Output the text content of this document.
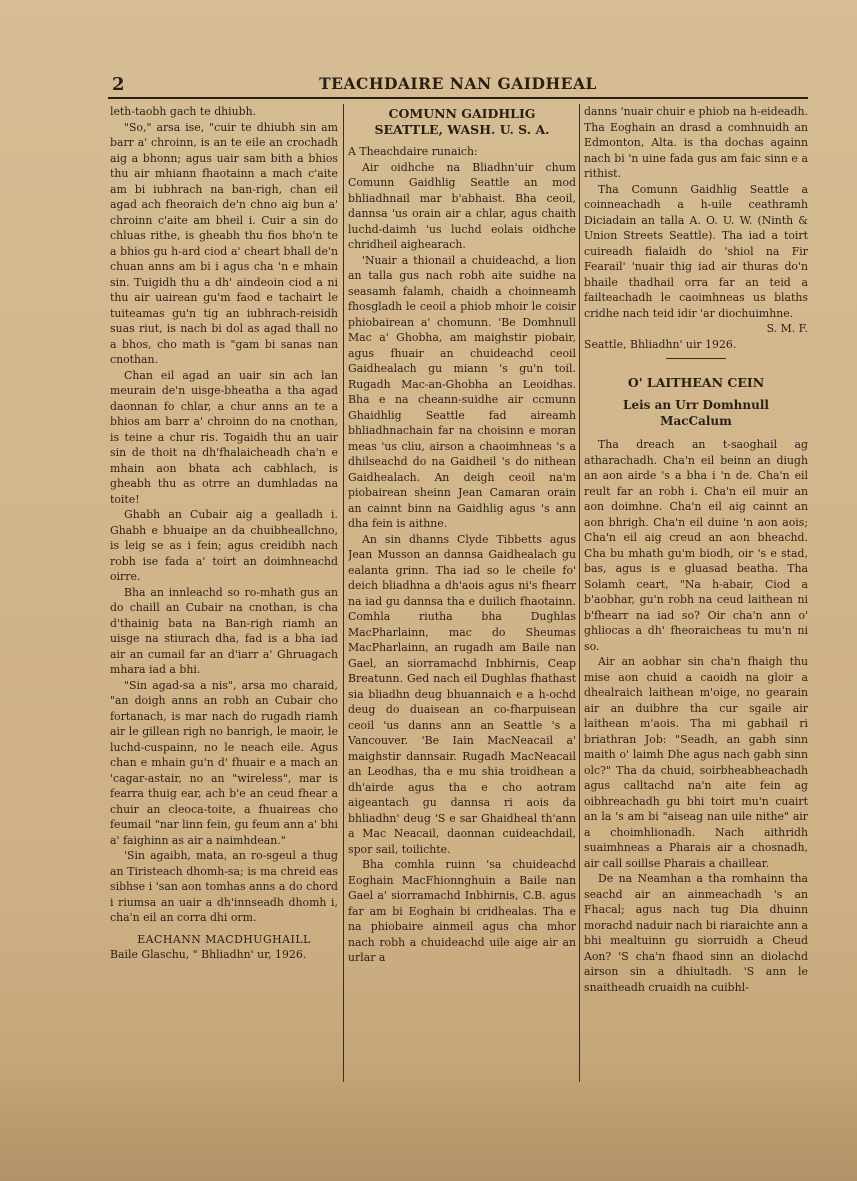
2	TEACHDAIRE NAN GAIDHEAL

leth-taobh gach te dhiubh.

"So," arsa ise, "cuir te dhiubh sin am barr a' chroinn, is an te eile an crochadh aig a bhonn; agus uair sam bith a bhios thu air mhiann fhaotainn a mach c'aite am bi iubhrach na ban-righ, chan eil agad ach fheoraich de'n chno aig bun a' chroinn c'aite am bheil i. Cuir a sin do chluas rithe, is gheabh thu fios bho'n te a bhios gu h-ard ciod a' cheart bhall de'n chuan anns am bi i agus cha 'n e mhain sin. Tuigidh thu a dh' aindeoin ciod a ni thu air uairean gu'm faod e tachairt le tuiteamas gu'n tig an iubhrach-reisidh suas riut, is nach bi dol as agad thall no a bhos, cho math is "gam bi sanas nan cnothan.

Chan eil agad an uair sin ach lan meurain de'n uisge-bheatha a tha agad daonnan fo chlar, a chur anns an te a bhios am barr a' chroinn do na cnothan, is teine a chur ris. Togaidh thu an uair sin de thoit na dh'fhalaicheadh cha'n e mhain aon bhata ach cabhlach, is gheabh thu as otrre an dumhladas na toite!

Ghabh an Cubair aig a gealladh i. Ghabh e bhuaipe an da chuibheallchno, is leig se as i fein; agus creidibh nach robh ise fada a' toirt an doimhneachd oirre.

Bha an innleachd so ro-mhath gus an do chaill an Cubair na cnothan, is cha d'thainig bata na Ban-righ riamh an uisge na stiurach dha, fad is a bha iad air an cumail far an d'iarr a' Ghruagach mhara iad a bhi.

"Sin agad-sa a nis", arsa mo charaid, "an doigh anns an robh an Cubair cho fortanach, is mar nach do rugadh riamh air le gillean righ no banrigh, le maoir, le luchd-cuspainn, no le neach eile. Agus chan e mhain gu'n d' fhuair e a mach an 'cagar-astair, no an "wireless", mar is fearra thuig ear, ach b'e an ceud fhear a chuir an cleoca-toite, a fhuaireas cho feumail "nar linn fein, gu feum ann a' bhi a' faighinn as air a naimhdean."

'Sin agaibh, mata, an ro-sgeul a thug an Tiristeach dhomh-sa; is ma chreid eas sibhse i 'san aon tomhas anns a do chord i riumsa an uair a dh'innseadh dhomh i, cha'n eil an corra dhi orm.

EACHANN MACDHUGHAILL
Baile Glaschu, " Bhliadhn' ur, 1926.

COMUNN GAIDHLIG
SEATTLE, WASH. U. S. A.

A Theachdaire runaich:

Air oidhche na Bliadhn'uir chum Comunn Gaidhlig Seattle an mod bhliadhnail mar b'abhaist. Bha ceoil, dannsa 'us orain air a chlar, agus chaith luchd-daimh 'us luchd eolais oidhche chridheil aighearach.

'Nuair a thionail a chuideachd, a lion an talla gus nach robh aite suidhe na seasamh falamh, chaidh a choinneamh fhosgladh le ceoil a phiob mhoir le coisir phiobairean a' chomunn. 'Be Domhnull Mac a' Ghobha, am maighstir piobair, agus fhuair an chuideachd ceoil Gaidhealach gu miann 's gu'n toil. Rugadh Mac-an-Ghobha an Leoidhas. Bha e na cheann-suidhe air ccmunn Ghaidhlig Seattle fad aireamh bhliadhnachain far na choisinn e moran meas 'us cliu, airson a chaoimhneas 's a dhilseachd do na Gaidheil 's do nithean Gaidhealach. An deigh ceoil na'm piobairean sheinn Jean Camaran orain an cainnt binn na Gaidhlig agus 's ann dha fein is aithne.

An sin dhanns Clyde Tibbetts agus Jean Musson an dannsa Gaidhealach gu ealanta grinn. Tha iad so le cheile fo' deich bliadhna a dh'aois agus ni's fhearr na iad gu dannsa tha e duilich fhaotainn. Comhla riutha bha Dughlas MacPharlainn, mac do Sheumas MacPharlainn, an rugadh am Baile nan Gael, an siorramachd Inbhirnis, Ceap Breatunn. Ged nach eil Dughlas fhathast sia bliadhn deug bhuannaich e a h-ochd deug do duaisean an co-fharpuisean ceoil 'us danns ann an Seattle 's a Vancouver. 'Be Iain MacNeacail a' maighstir dannsair. Rugadh MacNeacail an Leodhas, tha e mu shia troidhean a dh'airde agus tha e cho aotram aigeantach gu dannsa ri aois da bhliadhn' deug 'S e sar Ghaidheal th'ann a Mac Neacail, daonnan cuideachdail, spor sail, toilichte.

Bha comhla ruinn 'sa chuideachd Eoghain MacFhionnghuin a Baile nan Gael a' siorramachd Inbhirnis, C.B. agus far am bi Eoghain bi cridhealas. Tha e na phiobaire ainmeil agus cha mhor nach robh a chuideachd uile aige air an urlar a

danns 'nuair chuir e phiob na h-eideadh. Tha Eoghain an drasd a comhnuidh an Edmonton, Alta. is tha dochas againn nach bi 'n uine fada gus am faic sinn e a rithist.

Tha Comunn Gaidhlig Seattle a coinneachadh a h-uile ceathramh Diciadain an talla A. O. U. W. (Ninth & Union Streets Seattle). Tha iad a toirt cuireadh fialaidh do 'shiol na Fir Fearail' 'nuair thig iad air thuras do'n bhaile thadhail orra far an teid a failteachadh le caoimhneas us blaths cridhe nach teid idir 'ar diochuimhne.

S. M. F.

Seattle, Bhliadhn' uir 1926.

O' LAITHEAN CEIN
Leis an Urr Domhnull
MacCalum

Tha dreach an t-saoghail ag atharachadh. Cha'n eil beinn an diugh an aon airde 's a bha i 'n de. Cha'n eil reult far an robh i. Cha'n eil muir an aon doimhne. Cha'n eil aig cainnt an aon bhrigh. Cha'n eil duine 'n aon aois; Cha'n eil aig creud an aon bheachd. Cha bu mhath gu'm biodh, oir 's e stad, bas, agus is e gluasad beatha. Tha Solamh ceart, "Na h-abair, Ciod a b'aobhar, gu'n robh na ceud laithean ni b'fhearr na iad so? Oir cha'n ann o' ghliocas a dh' fheoraicheas tu mu'n ni so.

Air an aobhar sin cha'n fhaigh thu mise aon chuid a caoidh na gloir a dhealraich laithean m'oige, no gearain air an duibhre tha cur sgaile air laithean m'aois. Tha mi gabhail ri briathran Job: "Seadh, an gabh sinn maith o' laimh Dhe agus nach gabh sinn olc?" Tha da chuid, soirbheabheachadh agus calltachd na'n aite fein ag oibhreachadh gu bhi toirt mu'n cuairt an la 's am bi "aiseag nan uile nithe" air a choimhlionadh. Nach aithridh suaimhneas a Pharais air a chosnadh, air call soillse Pharais a chaillear.

De na Neamhan a tha romhainn tha seachd air an ainmeachadh 's an Fhacal; agus nach tug Dia dhuinn morachd naduir nach bi riaraichte ann a bhi mealtuinn gu siorruidh a Cheud Aon? 'S cha'n fhaod sinn an diolachd airson sin a dhiultadh. 'S ann le snaitheadh cruaidh na cuibhl-
